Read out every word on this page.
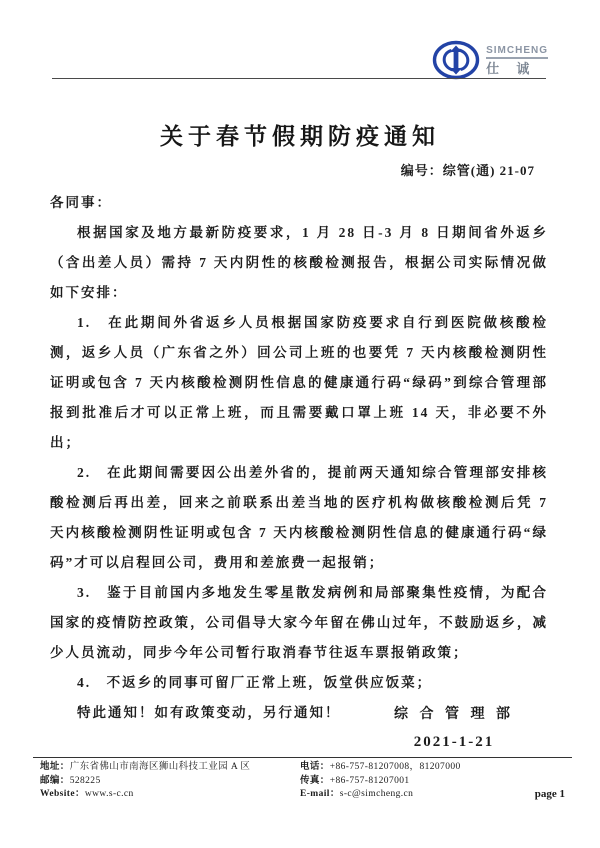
SIMCHENG
仕 诚
关于春节假期防疫通知
编号：综管(通) 21-07

各同事：

根据国家及地方最新防疫要求，1 月 28 日-3 月 8 日期间省外返乡（含出差人员）需持 7 天内阴性的核酸检测报告，根据公司实际情况做如下安排：

1.　在此期间外省返乡人员根据国家防疫要求自行到医院做核酸检测，返乡人员（广东省之外）回公司上班的也要凭 7 天内核酸检测阴性证明或包含 7 天内核酸检测阴性信息的健康通行码“绿码”到综合管理部报到批准后才可以正常上班，而且需要戴口罩上班 14 天，非必要不外出；

2.　在此期间需要因公出差外省的，提前两天通知综合管理部安排核酸检测后再出差，回来之前联系出差当地的医疗机构做核酸检测后凭 7 天内核酸检测阴性证明或包含 7 天内核酸检测阴性信息的健康通行码“绿码”才可以启程回公司，费用和差旅费一起报销；

3.　鉴于目前国内多地发生零星散发病例和局部聚集性疫情，为配合国家的疫情防控政策，公司倡导大家今年留在佛山过年，不鼓励返乡，减少人员流动，同步今年公司暂行取消春节往返车票报销政策；

4.　不返乡的同事可留厂正常上班，饭堂供应饭菜；

特此通知！如有政策变动，另行通知！	综 合 管 理 部
2021-1-21
地址：广东省佛山市南海区狮山科技工业园 A 区
邮编：528225
Website：www.s-c.cn
电话：+86-757-81207008，81207000
传真：+86-757-81207001
E-mail：s-c@simcheng.cn	page 1
